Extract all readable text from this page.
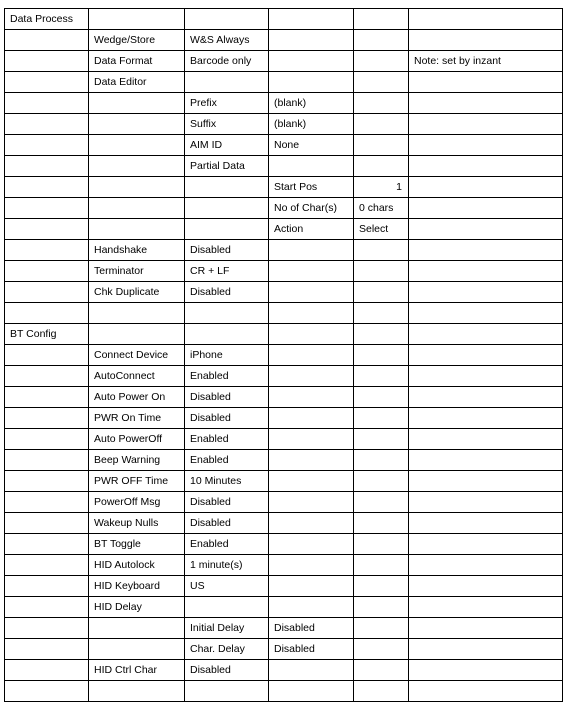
Data Process					
	Wedge/Store	W&S Always			
	Data Format	Barcode only			Note: set by inzant
	Data Editor				
		Prefix	(blank)		
		Suffix	(blank)		
		AIM ID	None		
		Partial Data			
			Start Pos	1	
			No of Char(s)	0 chars	
			Action	Select	
	Handshake	Disabled			
	Terminator	CR + LF			
	Chk Duplicate	Disabled			

BT Config					
	Connect Device	iPhone			
	AutoConnect	Enabled			
	Auto Power On	Disabled			
	PWR On Time	Disabled			
	Auto PowerOff	Enabled			
	Beep Warning	Enabled			
	PWR OFF Time	10 Minutes			
	PowerOff Msg	Disabled			
	Wakeup Nulls	Disabled			
	BT Toggle	Enabled			
	HID Autolock	1 minute(s)			
	HID Keyboard	US			
	HID Delay				
		Initial Delay	Disabled		
		Char. Delay	Disabled		
	HID Ctrl Char	Disabled			
